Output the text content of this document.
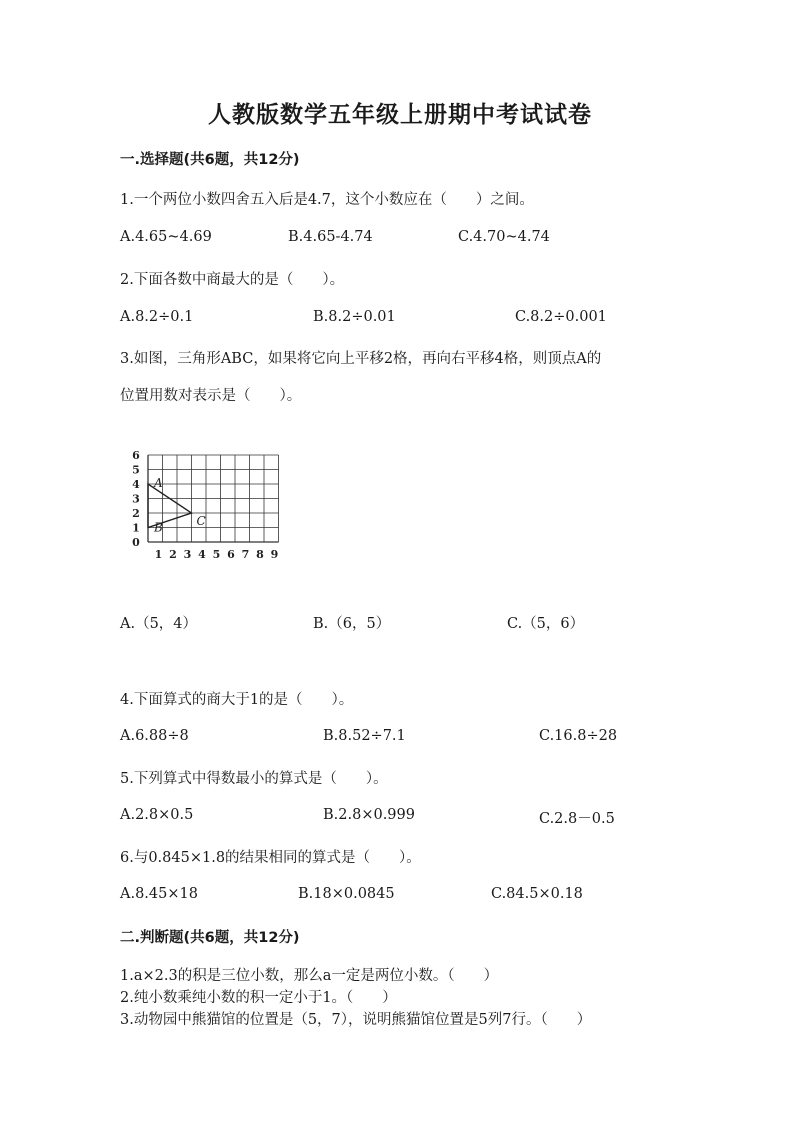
人教版数学五年级上册期中考试试卷
一.选择题(共6题，共12分)
1.一个两位小数四舍五入后是4.7，这个小数应在（　　）之间。
A.4.65~4.69	B.4.65-4.74	C.4.70~4.74
2.下面各数中商最大的是（　　）。
A.8.2÷0.1	B.8.2÷0.01	C.8.2÷0.001
3.如图，三角形ABC，如果将它向上平移2格，再向右平移4格，则顶点A的
位置用数对表示是（　　）。
1 2 3 4 5 6 7 8 9
0
1
2
3
4
5
6
A
B	C
A.（5，4）	B.（6，5）	C.（5，6）
4.下面算式的商大于1的是（　　）。
A.6.88÷8	B.8.52÷7.1	C.16.8÷28
5.下列算式中得数最小的算式是（　　）。
A.2.8×0.5	B.2.8×0.999	C.2.8－0.5
6.与0.845×1.8的结果相同的算式是（　　）。
A.8.45×18	B.18×0.0845	C.84.5×0.18
二.判断题(共6题，共12分)
1.a×2.3的积是三位小数，那么a一定是两位小数。（　　）
2.纯小数乘纯小数的积一定小于1。（　　）
3.动物园中熊猫馆的位置是（5，7），说明熊猫馆位置是5列7行。（　　）
